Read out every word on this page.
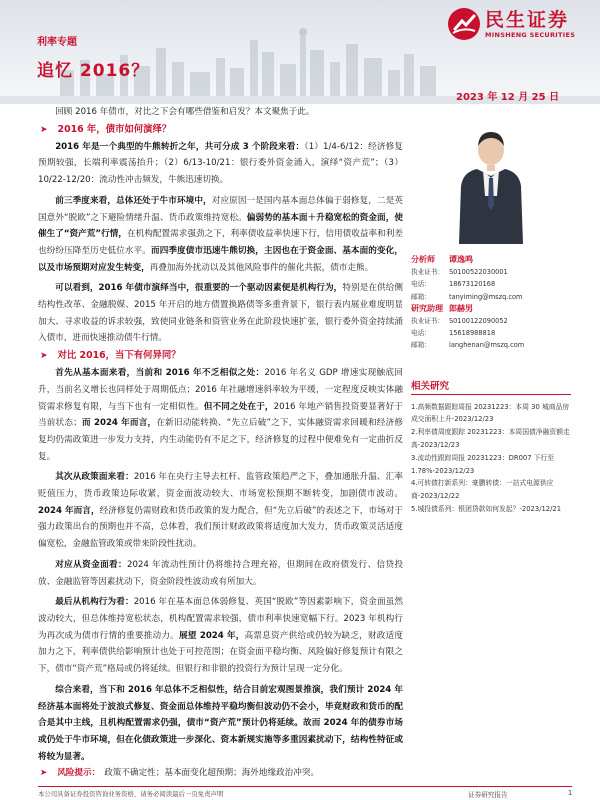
民生证券
MINSHENG SECURITIES
利率专题
追忆 2016？
2023 年 12 月 25 日
回顾 2016 年债市，对比之下会有哪些借鉴和启发？本文聚焦于此。
➤ 2016 年，债市如何演绎？
2016 年是一个典型的牛熊转折之年，共可分成 3 个阶段来看：（1）1/4-6/12：经济修复预期较强，长端利率震荡抬升；（2）6/13-10/21：银行委外资金涌入，演绎“资产荒”；（3）10/22-12/20：流动性冲击频发，牛熊迅速切换。
前三季度来看，总体还处于牛市环境中，对应原因一是国内基本面总体偏于弱修复，二是英国意外“脱欧”之下避险情绪升温、货币政策维持宽松。偏弱势的基本面＋升稳宽松的资金面，使催生了“资产荒”行情，在机构配置需求强劲之下，利率债收益率快速下行，信用债收益率和利差也纷纷压降至历史低位水平。而四季度债市迅速牛熊切换，主因也在于资金面、基本面的变化，以及市场预期对应发生转变，再叠加海外扰动以及其他风险事件的催化共振，债市走熊。
可以看到，2016 年债市演绎当中，很重要的一个驱动因素便是机构行为，特别是在供给侧结构性改革、金融脱媒、2015 年开启的地方债置换路债等多重背景下，银行表内展业难度明显加大、寻求收益的诉求较强，致使同业链条和资管业务在此阶段快速扩张，银行委外资金持续涌入债市，进而快速推动债牛行情。
➤ 对比 2016，当下有何异同？
首先从基本面来看，当前和 2016 年不乏相似之处：2016 年名义 GDP 增速实现触底回升，当前名义增长也同样处于周期低点；2016 年社融增速斜率较为平缓，一定程度反映实体融资需求修复有限，与当下也有一定相似性。但不同之处在于，2016 年地产销售投资要显著好于当前状态；而 2024 年而言，在新旧动能转换、“先立后破”之下，实体融资需求回暖和经济修复均仍需政策进一步发力支持，内生动能仍有不足之下，经济修复的过程中便难免有一定曲折反复。
其次从政策面来看：2016 年在央行主导去杠杆、监管政策趋严之下，叠加通胀升温、汇率贬值压力，货币政策边际收紧，资金面波动较大、市场宽松预期不断转变，加剧债市波动。2024 年而言，经济修复仍需财政和货币政策的发力配合，但“先立后破”的表述之下，市场对于强力政策出台的预期也并不高，总体看，我们预计财政政策将适度加大发力，货币政策灵活适度偏宽松，金融监管政策或带来阶段性扰动。
对应从资金面看：2024 年流动性预计仍将维持合理充裕，但期间在政府债发行、信贷投放、金融监管等因素扰动下，资金阶段性波动或有所加大。
最后从机构行为看：2016 年在基本面总体弱修复、英国“脱欧”等因素影响下，资金面虽然波动较大，但总体维持宽松状态，机构配置需求较强，债市利率快速宽幅下行。2023 年机构行为再次成为债市行情的重要推动力。展望 2024 年，高票息资产供给或仍较为缺乏，财政适度加力之下，利率债供给影响预计也处于可控范围；在资金面平稳均衡、风险偏好修复预计有限之下，债市“资产荒”格局或仍将延续。但银行和非银的投资行为预计呈现一定分化。
综合来看，当下和 2016 年总体不乏相似性，结合目前宏观图景推演，我们预计 2024 年经济基本面将处于波浪式修复、资金面总体维持平稳均衡但波动仍不会小，毕竟财政和货币的配合是其中主线，且机构配置需求仍强，债市“资产荒”预计仍将延续。故而 2024 年的债券市场或仍处于牛市环境，但在化债政策进一步深化、资本新规实施等多重因素扰动下，结构性特征或将较为显著。
➤ 风险提示： 政策不确定性；基本面变化超预期；海外地缘政治冲突。
分析师	谭逸鸣
执业证书： S0100522030001
电话：	18673120168
邮箱：	tanyiming@mszq.com
研究助理 郎赫男
执业证书： S0100122090052
电话：	15618988818
邮箱：	langhenan@mszq.com
相关研究
1.高频数据跟踪周报 20231223：本周 30 城商品房成交面积上升-2023/12/23
2.利率债周度跟踪 20231223：本周国债净融资额走高-2023/12/23
3.流动性跟踪周报 20231223：DR007 下行至 1.78%-2023/12/23
4.可转债打新系列：豪鹏转债：一站式电源供应商-2023/12/22
5.城投债系列：银团贷款如何发起？-2023/12/21
本公司具备证券投资咨询业务资格，请务必阅读最后一页免责声明	证券研究报告	1
